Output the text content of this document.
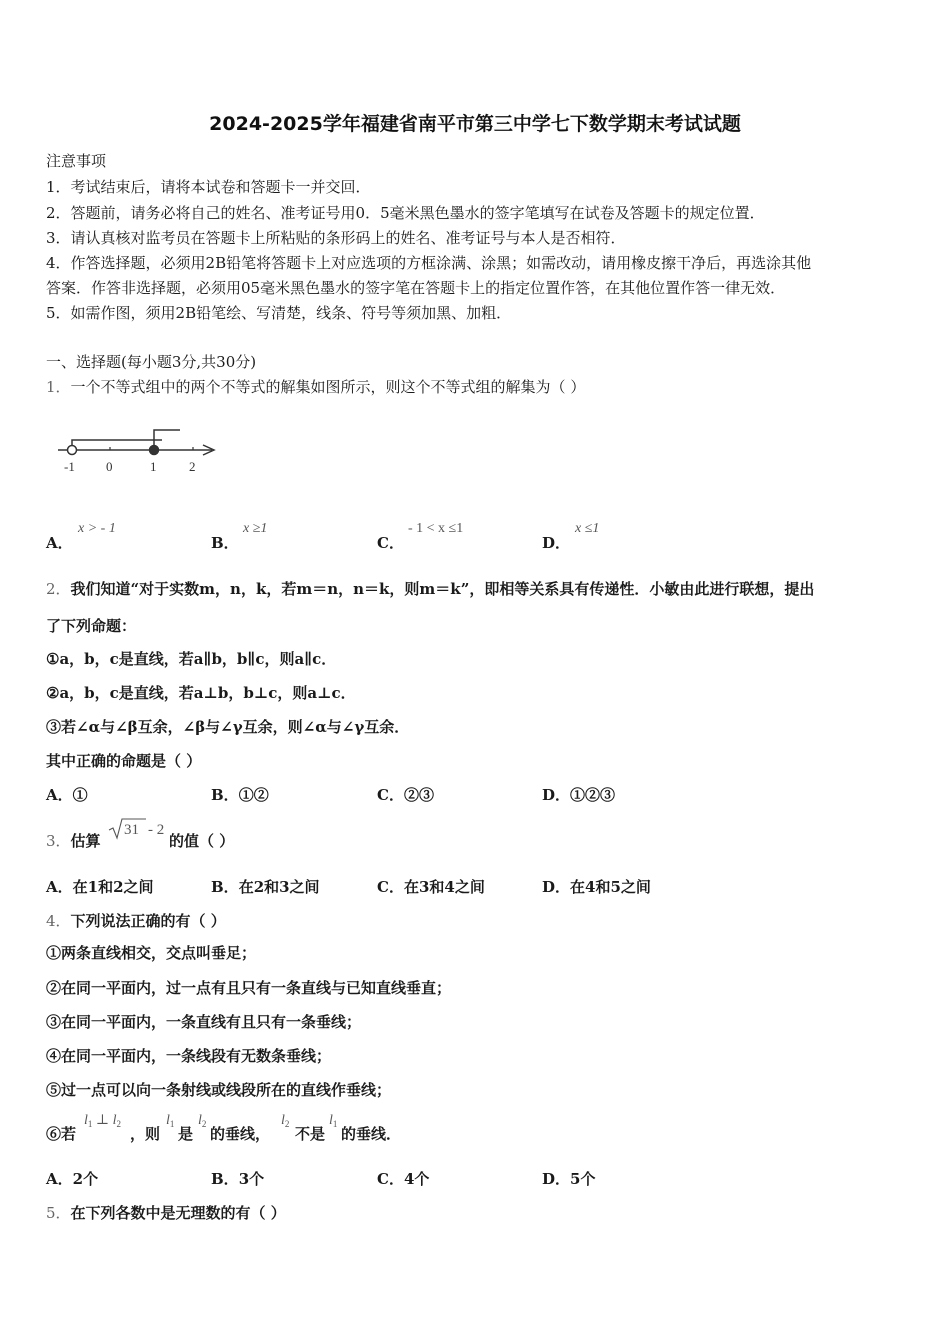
2024-2025学年福建省南平市第三中学七下数学期末考试试题
注意事项
1．考试结束后，请将本试卷和答题卡一并交回．
2．答题前，请务必将自己的姓名、准考证号用0．5毫米黑色墨水的签字笔填写在试卷及答题卡的规定位置．
3．请认真核对监考员在答题卡上所粘贴的条形码上的姓名、准考证号与本人是否相符．
4．作答选择题，必须用2B铅笔将答题卡上对应选项的方框涂满、涂黑；如需改动，请用橡皮擦干净后，再选涂其他
答案．作答非选择题，必须用05毫米黑色墨水的签字笔在答题卡上的指定位置作答，在其他位置作答一律无效．
5．如需作图，须用2B铅笔绘、写清楚，线条、符号等须加黑、加粗．
一、选择题(每小题3分,共30分)
1．一个不等式组中的两个不等式的解集如图所示，则这个不等式组的解集为（ ）
-1 0	1	2
A．
x > - 1
B．
x ≥1
C．
- 1 < x ≤1
D．
x ≤1
2．我们知道“对于实数m，n，k，若m＝n，n＝k，则m＝k”，即相等关系具有传递性．小敏由此进行联想，提出
了下列命题：
①a，b，c是直线，若a∥b，b∥c，则a∥c．
②a，b，c是直线，若a⊥b，b⊥c，则a⊥c．
③若∠α与∠β互余，∠β与∠γ互余，则∠α与∠γ互余．
其中正确的命题是（ ）
A．①	B．①②	C．②③	D．①②③
3．估算
31 - 2
的值（ ）
A．在1和2之间	B．在2和3之间	C．在3和4之间	D．在4和5之间
4．下列说法正确的有（ ）
①两条直线相交，交点叫垂足；
②在同一平面内，过一点有且只有一条直线与已知直线垂直；
③在同一平面内，一条直线有且只有一条垂线；
④在同一平面内，一条线段有无数条垂线；
⑤过一点可以向一条射线或线段所在的直线作垂线；
⑥若
$l_1$ ⊥ $l_2$
，则
$l_1$
是
$l_2$
的垂线，
$l_2$
不是
$l_1$
的垂线．
A．2个	B．3个	C．4个	D．5个
5．在下列各数中是无理数的有（ ）
